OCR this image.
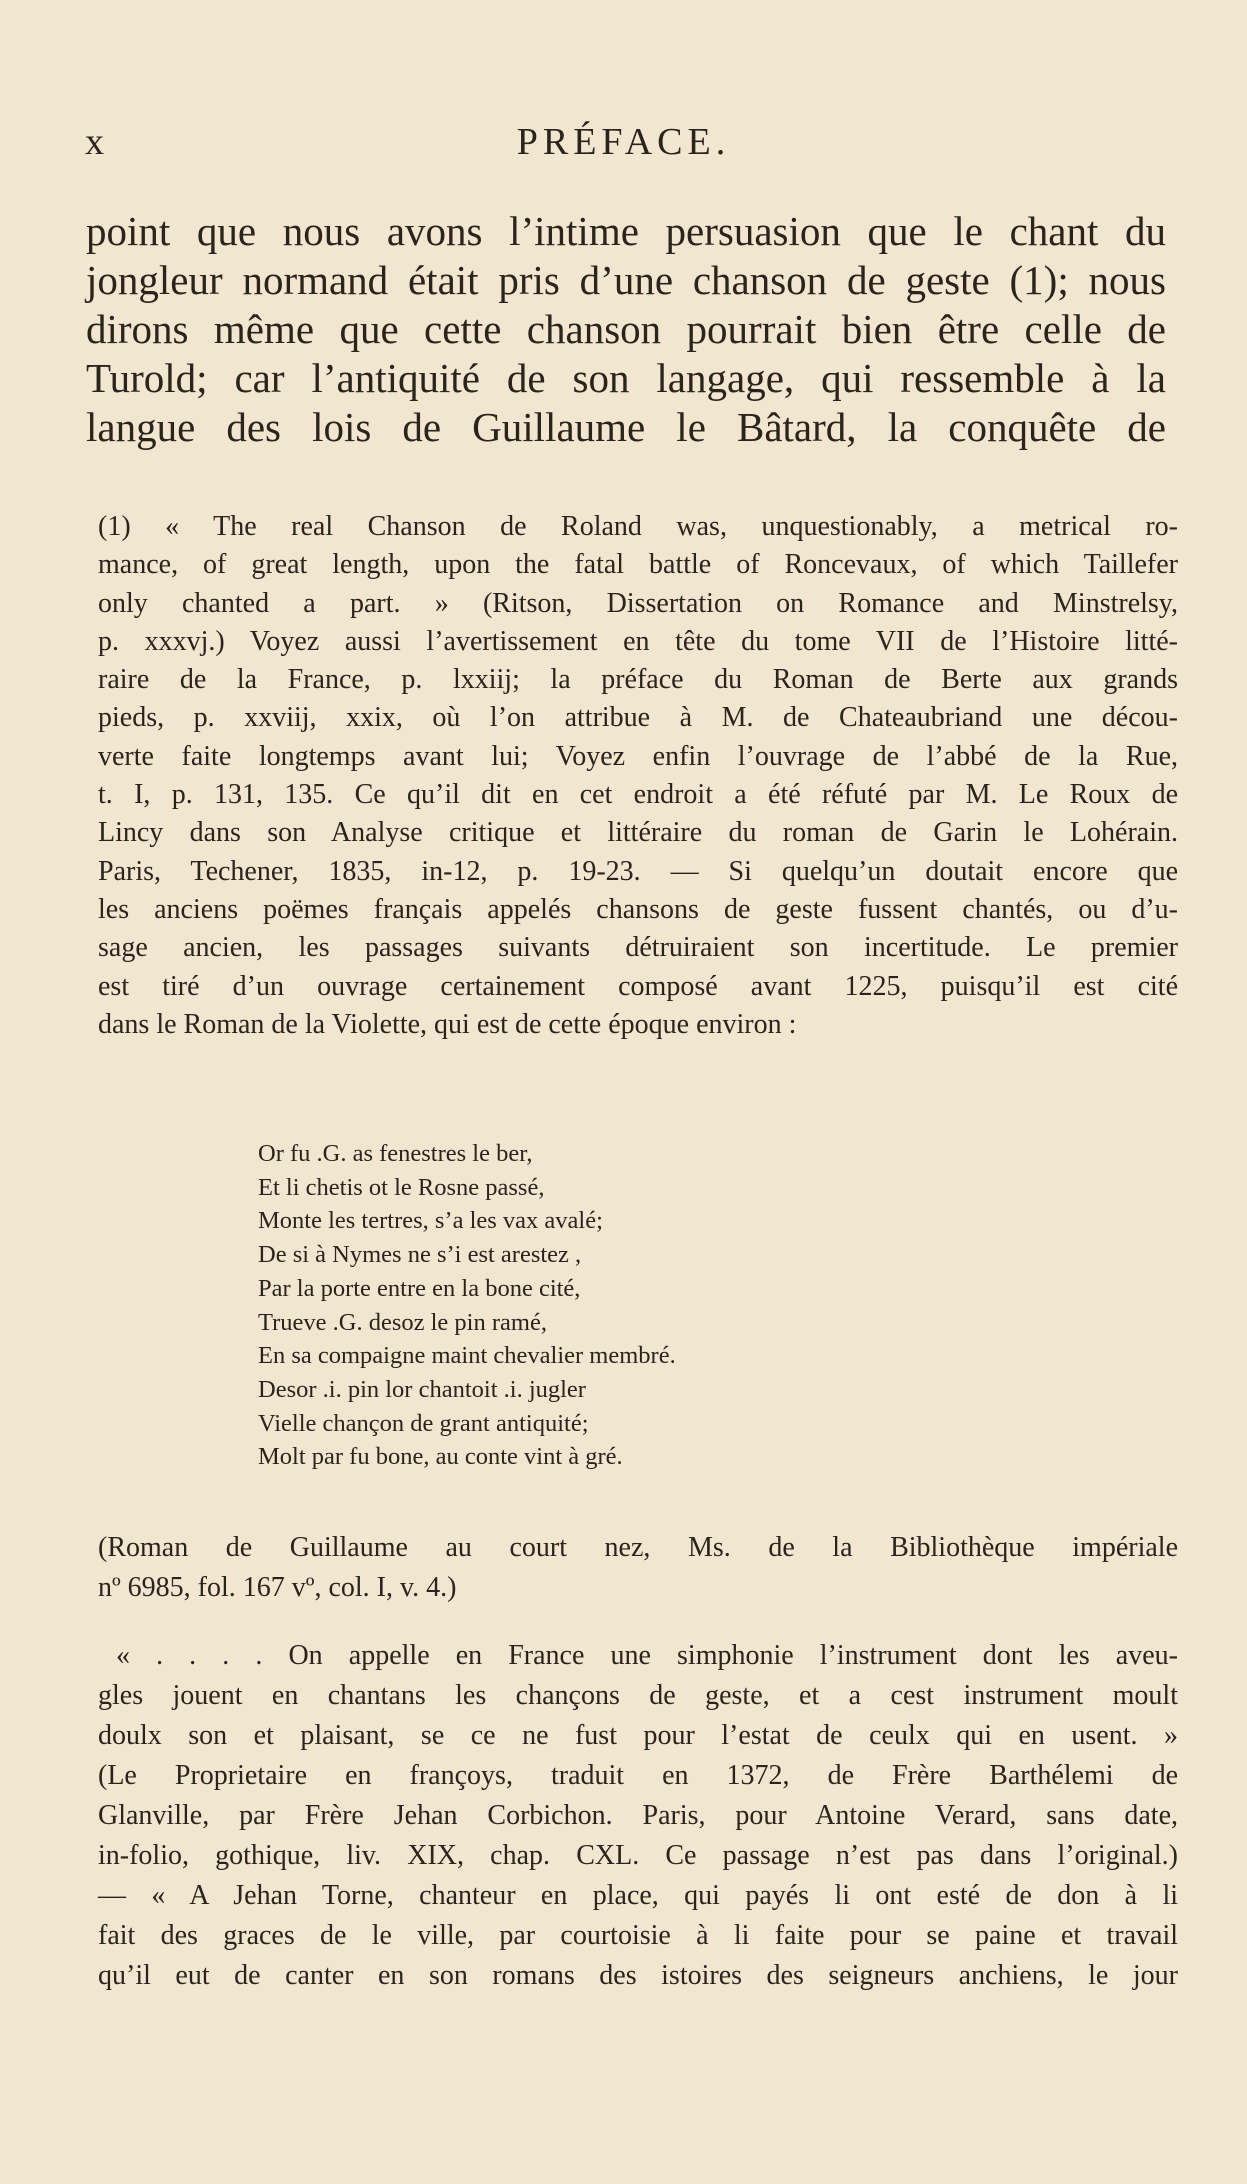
x	PRÉFACE.
point que nous avons l’intime persuasion que le chant du
jongleur normand était pris d’une chanson de geste (1); nous
dirons même que cette chanson pourrait bien être celle de
Turold; car l’antiquité de son langage, qui ressemble à la
langue des lois de Guillaume le Bâtard, la conquête de
(1) « The real Chanson de Roland was, unquestionably, a metrical ro-
mance, of great length, upon the fatal battle of Roncevaux, of which Taillefer
only chanted a part. » (Ritson, Dissertation on Romance and Minstrelsy,
p. xxxvj.) Voyez aussi l’avertissement en tête du tome VII de l’Histoire litté-
raire de la France, p. lxxiij; la préface du Roman de Berte aux grands
pieds, p. xxviij, xxix, où l’on attribue à M. de Chateaubriand une décou-
verte faite longtemps avant lui; Voyez enfin l’ouvrage de l’abbé de la Rue,
t. I, p. 131, 135. Ce qu’il dit en cet endroit a été réfuté par M. Le Roux de
Lincy dans son Analyse critique et littéraire du roman de Garin le Lohérain.
Paris, Techener, 1835, in-12, p. 19-23. — Si quelqu’un doutait encore que
les anciens poëmes français appelés chansons de geste fussent chantés, ou d’u-
sage ancien, les passages suivants détruiraient son incertitude. Le premier
est tiré d’un ouvrage certainement composé avant 1225, puisqu’il est cité
dans le Roman de la Violette, qui est de cette époque environ :
Or fu .G. as fenestres le ber,
Et li chetis ot le Rosne passé,
Monte les tertres, s’a les vax avalé;
De si à Nymes ne s’i est arestez ,
Par la porte entre en la bone cité,
Trueve .G. desoz le pin ramé,
En sa compaigne maint chevalier membré.
Desor .i. pin lor chantoit .i. jugler
Vielle chançon de grant antiquité;
Molt par fu bone, au conte vint à gré.
(Roman de Guillaume au court nez, Ms. de la Bibliothèque impériale
nº 6985, fol. 167 vº, col. I, v. 4.)
« . . . . On appelle en France une simphonie l’instrument dont les aveu-
gles jouent en chantans les chançons de geste, et a cest instrument moult
doulx son et plaisant, se ce ne fust pour l’estat de ceulx qui en usent. »
(Le Proprietaire en françoys, traduit en 1372, de Frère Barthélemi de
Glanville, par Frère Jehan Corbichon. Paris, pour Antoine Verard, sans date,
in-folio, gothique, liv. XIX, chap. CXL. Ce passage n’est pas dans l’original.)
— « A Jehan Torne, chanteur en place, qui payés li ont esté de don à li
fait des graces de le ville, par courtoisie à li faite pour se paine et travail
qu’il eut de canter en son romans des istoires des seigneurs anchiens, le jour
